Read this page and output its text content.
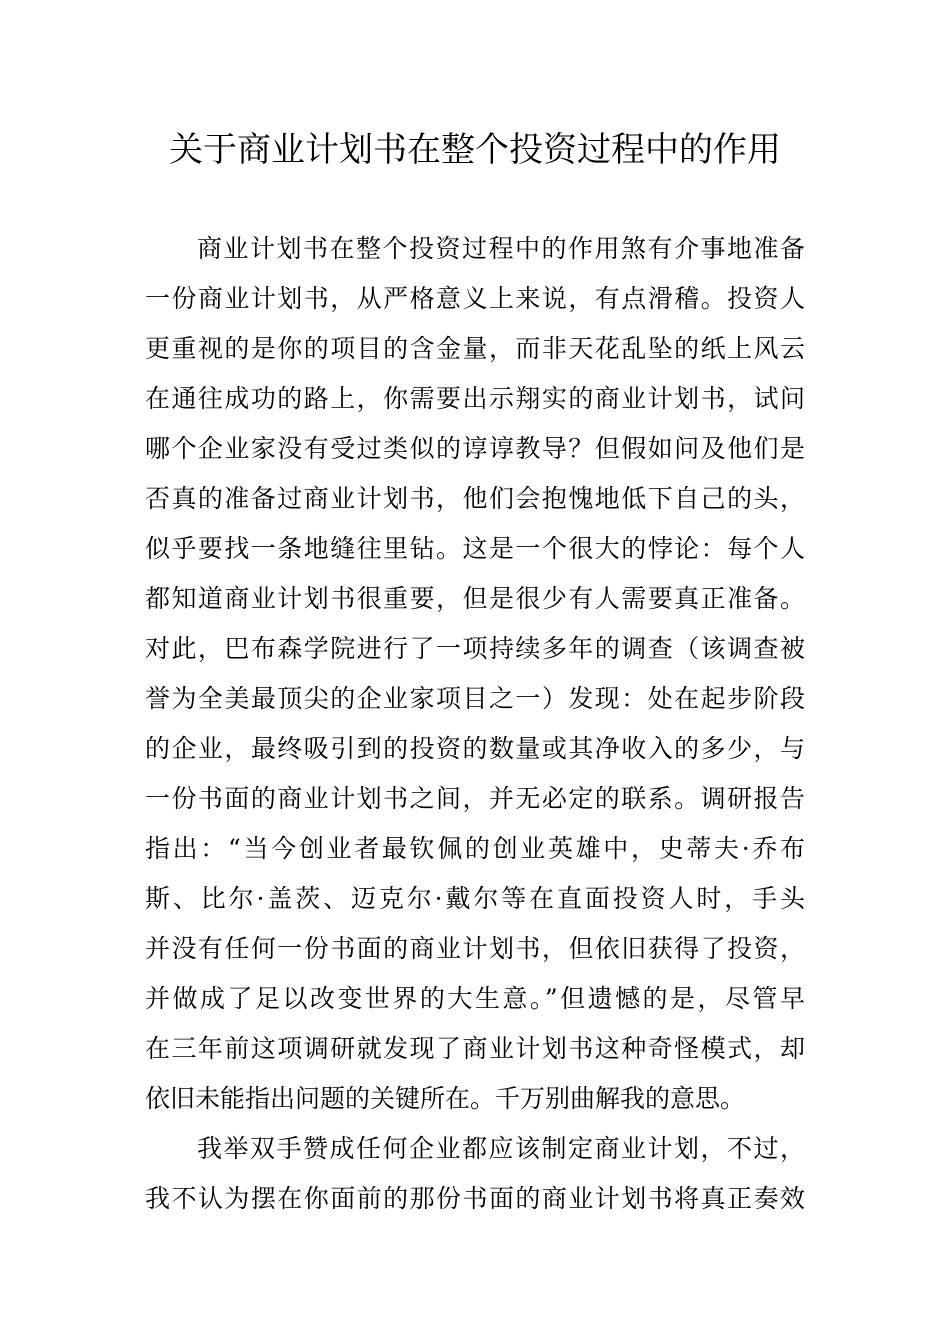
关于商业计划书在整个投资过程中的作用
商业计划书在整个投资过程中的作用煞有介事地准备
一份商业计划书，从严格意义上来说，有点滑稽。投资人
更重视的是你的项目的含金量，而非天花乱坠的纸上风云
在通往成功的路上，你需要出示翔实的商业计划书，试问
哪个企业家没有受过类似的谆谆教导？但假如问及他们是
否真的准备过商业计划书，他们会抱愧地低下自己的头，
似乎要找一条地缝往里钻。这是一个很大的悖论：每个人
都知道商业计划书很重要，但是很少有人需要真正准备。
对此，巴布森学院进行了一项持续多年的调查（该调查被
誉为全美最顶尖的企业家项目之一）发现：处在起步阶段
的企业，最终吸引到的投资的数量或其净收入的多少，与
一份书面的商业计划书之间，并无必定的联系。调研报告
指出：“当今创业者最钦佩的创业英雄中，史蒂夫·乔布
斯、比尔·盖茨、迈克尔·戴尔等在直面投资人时，手头
并没有任何一份书面的商业计划书，但依旧获得了投资，
并做成了足以改变世界的大生意。”但遗憾的是，尽管早
在三年前这项调研就发现了商业计划书这种奇怪模式，却
依旧未能指出问题的关键所在。千万别曲解我的意思。
我举双手赞成任何企业都应该制定商业计划，不过，
我不认为摆在你面前的那份书面的商业计划书将真正奏效
